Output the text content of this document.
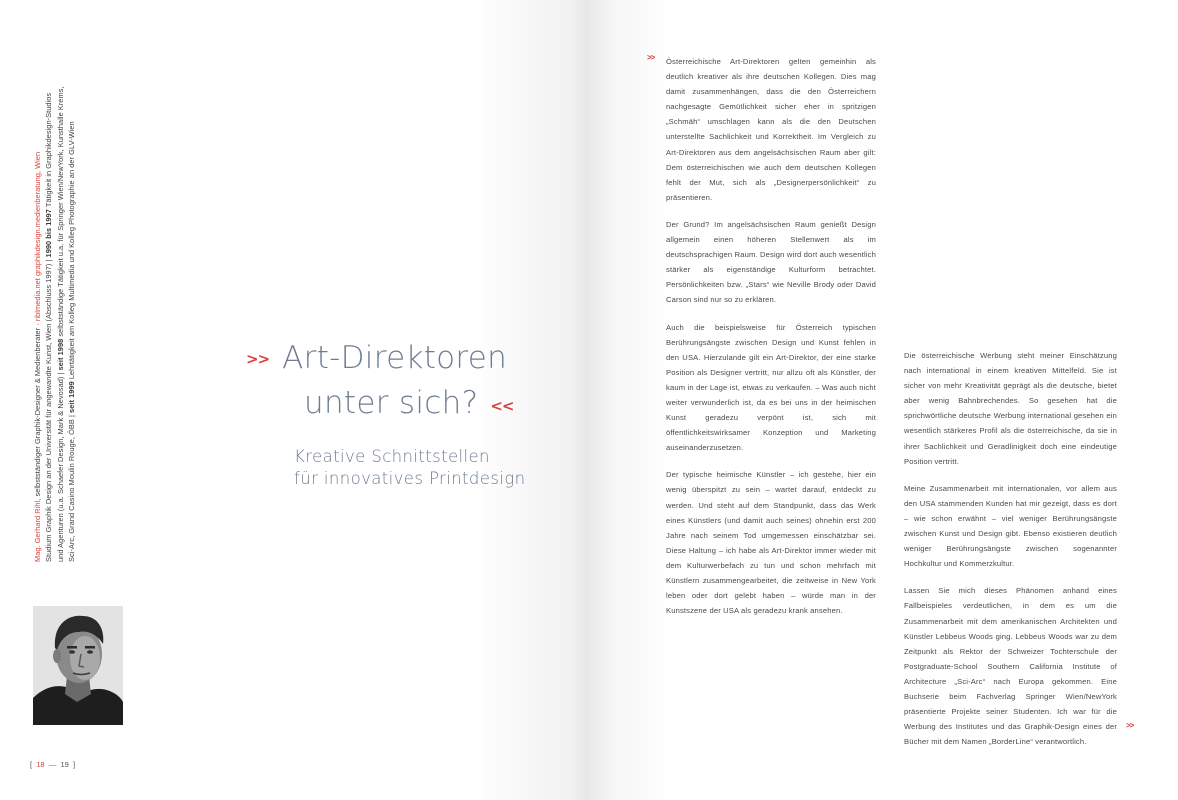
Mag. Gerhard Rihl, selbstständiger Graphik-Designer & Medienberater · riblmedia.net graphikdesign.medienberatung, Wien

Studium Graphik Design an der Universität für angewandte Kunst, Wien (Abschluss 1997) | 1990 bis 1997 Tätigkeit in Graphikdesign-Studios

und Agenturen (u.a. Schaefer Design, Mark & Nevosad) | seit 1998 selbstständige Tätigkeit u.a. für Springer Wien/NewYork, Kunsthalle Krems,

Sci-Arc, Grand Casino Moulin Rouge, ÖBB | seit 1999 Lehrtätigkeit am Kolleg Multimedia und Kolleg Photographie an der GLV-Wien

[ 18 — 19 ]
>> Art-Direktoren
unter sich? <<
Kreative Schnittstellen
für innovatives Printdesign
>> Österreichische Art-Direktoren gelten gemeinhin als deutlich kreativer als ihre deutschen Kollegen. Dies mag damit zusammenhängen, dass die den Österreichern nachgesagte Gemütlichkeit sicher eher in spritzigen „Schmäh“ umschlagen kann als die den Deutschen unterstellte Sachlichkeit und Korrektheit. Im Vergleich zu Art-Direktoren aus dem angelsächsischen Raum aber gilt: Dem österreichischen wie auch dem deutschen Kollegen fehlt der Mut, sich als „Designerpersönlichkeit“ zu präsentieren.

Der Grund? Im angelsächsischen Raum genießt Design allgemein einen höheren Stellenwert als im deutschsprachigen Raum. Design wird dort auch wesentlich stärker als eigenständige Kulturform betrachtet. Persönlichkeiten bzw. „Stars“ wie Neville Brody oder David Carson sind nur so zu erklären.

Auch die beispielsweise für Österreich typischen Berührungsängste zwischen Design und Kunst fehlen in den USA. Hierzulande gilt ein Art-Direktor, der eine starke Position als Designer vertritt, nur allzu oft als Künstler, der kaum in der Lage ist, etwas zu verkaufen. – Was auch nicht weiter verwunderlich ist, da es bei uns in der heimischen Kunst geradezu verpönt ist, sich mit öffentlichkeitswirksamer Konzeption und Marketing auseinanderzusetzen.

Der typische heimische Künstler – ich gestehe, hier ein wenig überspitzt zu sein – wartet darauf, entdeckt zu werden. Und steht auf dem Standpunkt, dass das Werk eines Künstlers (und damit auch seines) ohnehin erst 200 Jahre nach seinem Tod umgemessen einschätzbar sei. Diese Haltung – ich habe als Art-Direktor immer wieder mit dem Kulturwerbefach zu tun und schon mehrfach mit Künstlern zusammengearbeitet, die zeitweise in New York leben oder dort gelebt haben – würde man in der Kunstszene der USA als geradezu krank ansehen.

Die österreichische Werbung steht meiner Einschätzung nach international in einem kreativen Mittelfeld. Sie ist sicher von mehr Kreativität geprägt als die deutsche, bietet aber wenig Bahnbrechendes. So gesehen hat die sprichwörtliche deutsche Werbung international gesehen ein wesentlich stärkeres Profil als die österreichische, da sie in ihrer Sachlichkeit und Geradlinigkeit doch eine eindeutige Position vertritt.

Meine Zusammenarbeit mit internationalen, vor allem aus den USA stammenden Kunden hat mir gezeigt, dass es dort – wie schon erwähnt – viel weniger Berührungsängste zwischen Kunst und Design gibt. Ebenso existieren deutlich weniger Berührungsängste zwischen sogenannter Hochkultur und Kommerzkultur.

Lassen Sie mich dieses Phänomen anhand eines Fallbeispieles verdeutlichen, in dem es um die Zusammenarbeit mit dem amerikanischen Architekten und Künstler Lebbeus Woods ging. Lebbeus Woods war zu dem Zeitpunkt als Rektor der Schweizer Tochterschule der Postgraduate-School Southern California Institute of Architecture „Sci-Arc“ nach Europa gekommen. Eine Buchserie beim Fachverlag Springer Wien/NewYork präsentierte Projekte seiner Studenten. Ich war für die Werbung des Institutes und das Graphik-Design eines der Bücher mit dem Namen „BorderLine“ verantwortlich.

>>
